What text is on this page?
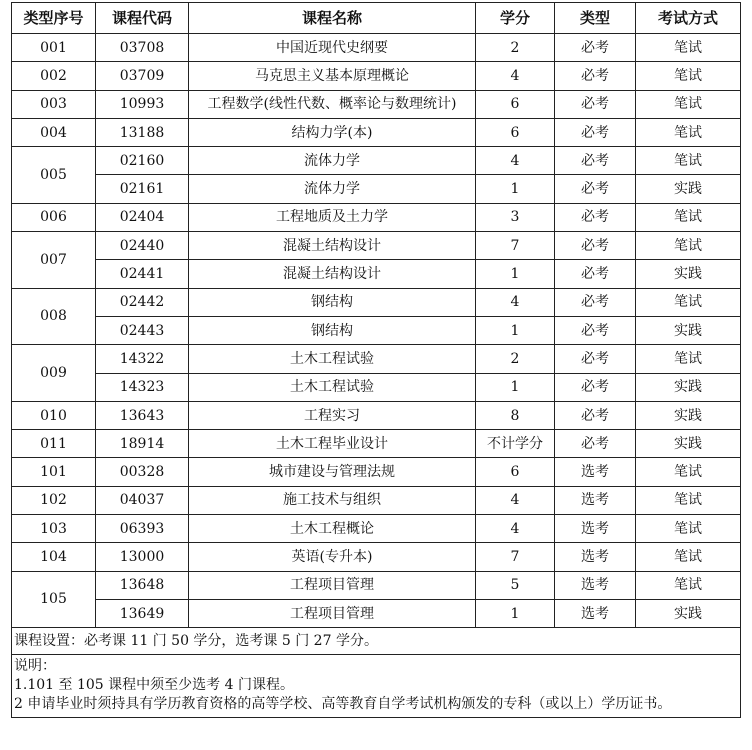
类型序号	课程代码	课程名称	学分	类型	考试方式
001	03708	中国近现代史纲要	2	必考	笔试
002	03709	马克思主义基本原理概论	4	必考	笔试
003	10993	工程数学(线性代数、概率论与数理统计)	6	必考	笔试
004	13188	结构力学(本)	6	必考	笔试
005	02160	流体力学	4	必考	笔试
	02161	流体力学	1	必考	实践
006	02404	工程地质及土力学	3	必考	笔试
007	02440	混凝土结构设计	7	必考	笔试
	02441	混凝土结构设计	1	必考	实践
008	02442	钢结构	4	必考	笔试
	02443	钢结构	1	必考	实践
009	14322	土木工程试验	2	必考	笔试
	14323	土木工程试验	1	必考	实践
010	13643	工程实习	8	必考	实践
011	18914	土木工程毕业设计	不计学分	必考	实践
101	00328	城市建设与管理法规	6	选考	笔试
102	04037	施工技术与组织	4	选考	笔试
103	06393	土木工程概论	4	选考	笔试
104	13000	英语(专升本)	7	选考	笔试
105	13648	工程项目管理	5	选考	笔试
	13649	工程项目管理	1	选考	实践
课程设置：必考课 11 门 50 学分，选考课 5 门 27 学分。					

说明：
1.101 至 105 课程中须至少选考 4 门课程。
2 申请毕业时须持具有学历教育资格的高等学校、高等教育自学考试机构颁发的专科（或以上）学历证书。					
